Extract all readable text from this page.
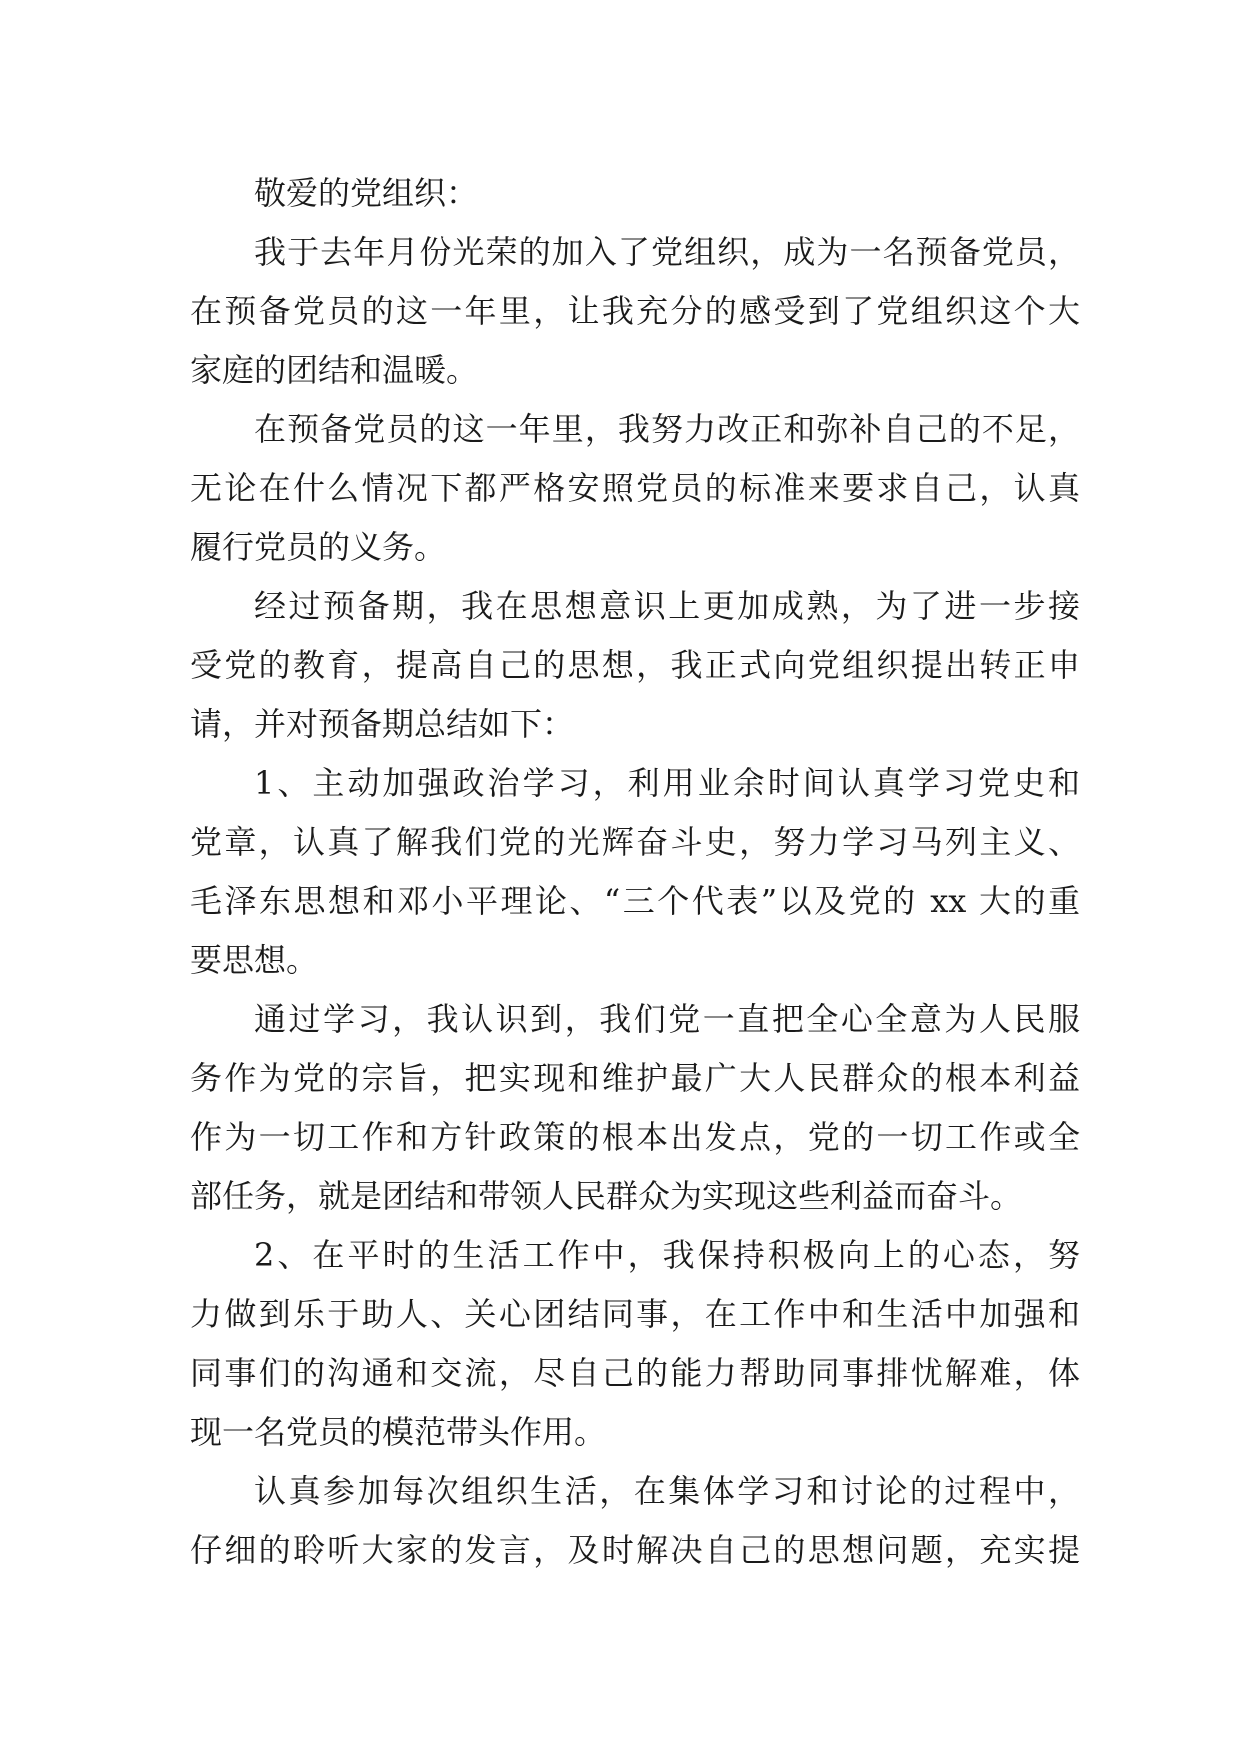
敬爱的党组织：
我于去年月份光荣的加入了党组织，成为一名预备党员，
在预备党员的这一年里，让我充分的感受到了党组织这个大
家庭的团结和温暖。
在预备党员的这一年里，我努力改正和弥补自己的不足，
无论在什么情况下都严格安照党员的标准来要求自己，认真
履行党员的义务。
经过预备期，我在思想意识上更加成熟，为了进一步接
受党的教育，提高自己的思想，我正式向党组织提出转正申
请，并对预备期总结如下：
1、主动加强政治学习，利用业余时间认真学习党史和
党章，认真了解我们党的光辉奋斗史，努力学习马列主义、
毛泽东思想和邓小平理论、“三个代表”以及党的 xx 大的重
要思想。
通过学习，我认识到，我们党一直把全心全意为人民服
务作为党的宗旨，把实现和维护最广大人民群众的根本利益
作为一切工作和方针政策的根本出发点，党的一切工作或全
部任务，就是团结和带领人民群众为实现这些利益而奋斗。
2、在平时的生活工作中，我保持积极向上的心态，努
力做到乐于助人、关心团结同事，在工作中和生活中加强和
同事们的沟通和交流，尽自己的能力帮助同事排忧解难，体
现一名党员的模范带头作用。
认真参加每次组织生活，在集体学习和讨论的过程中，
仔细的聆听大家的发言，及时解决自己的思想问题，充实提
